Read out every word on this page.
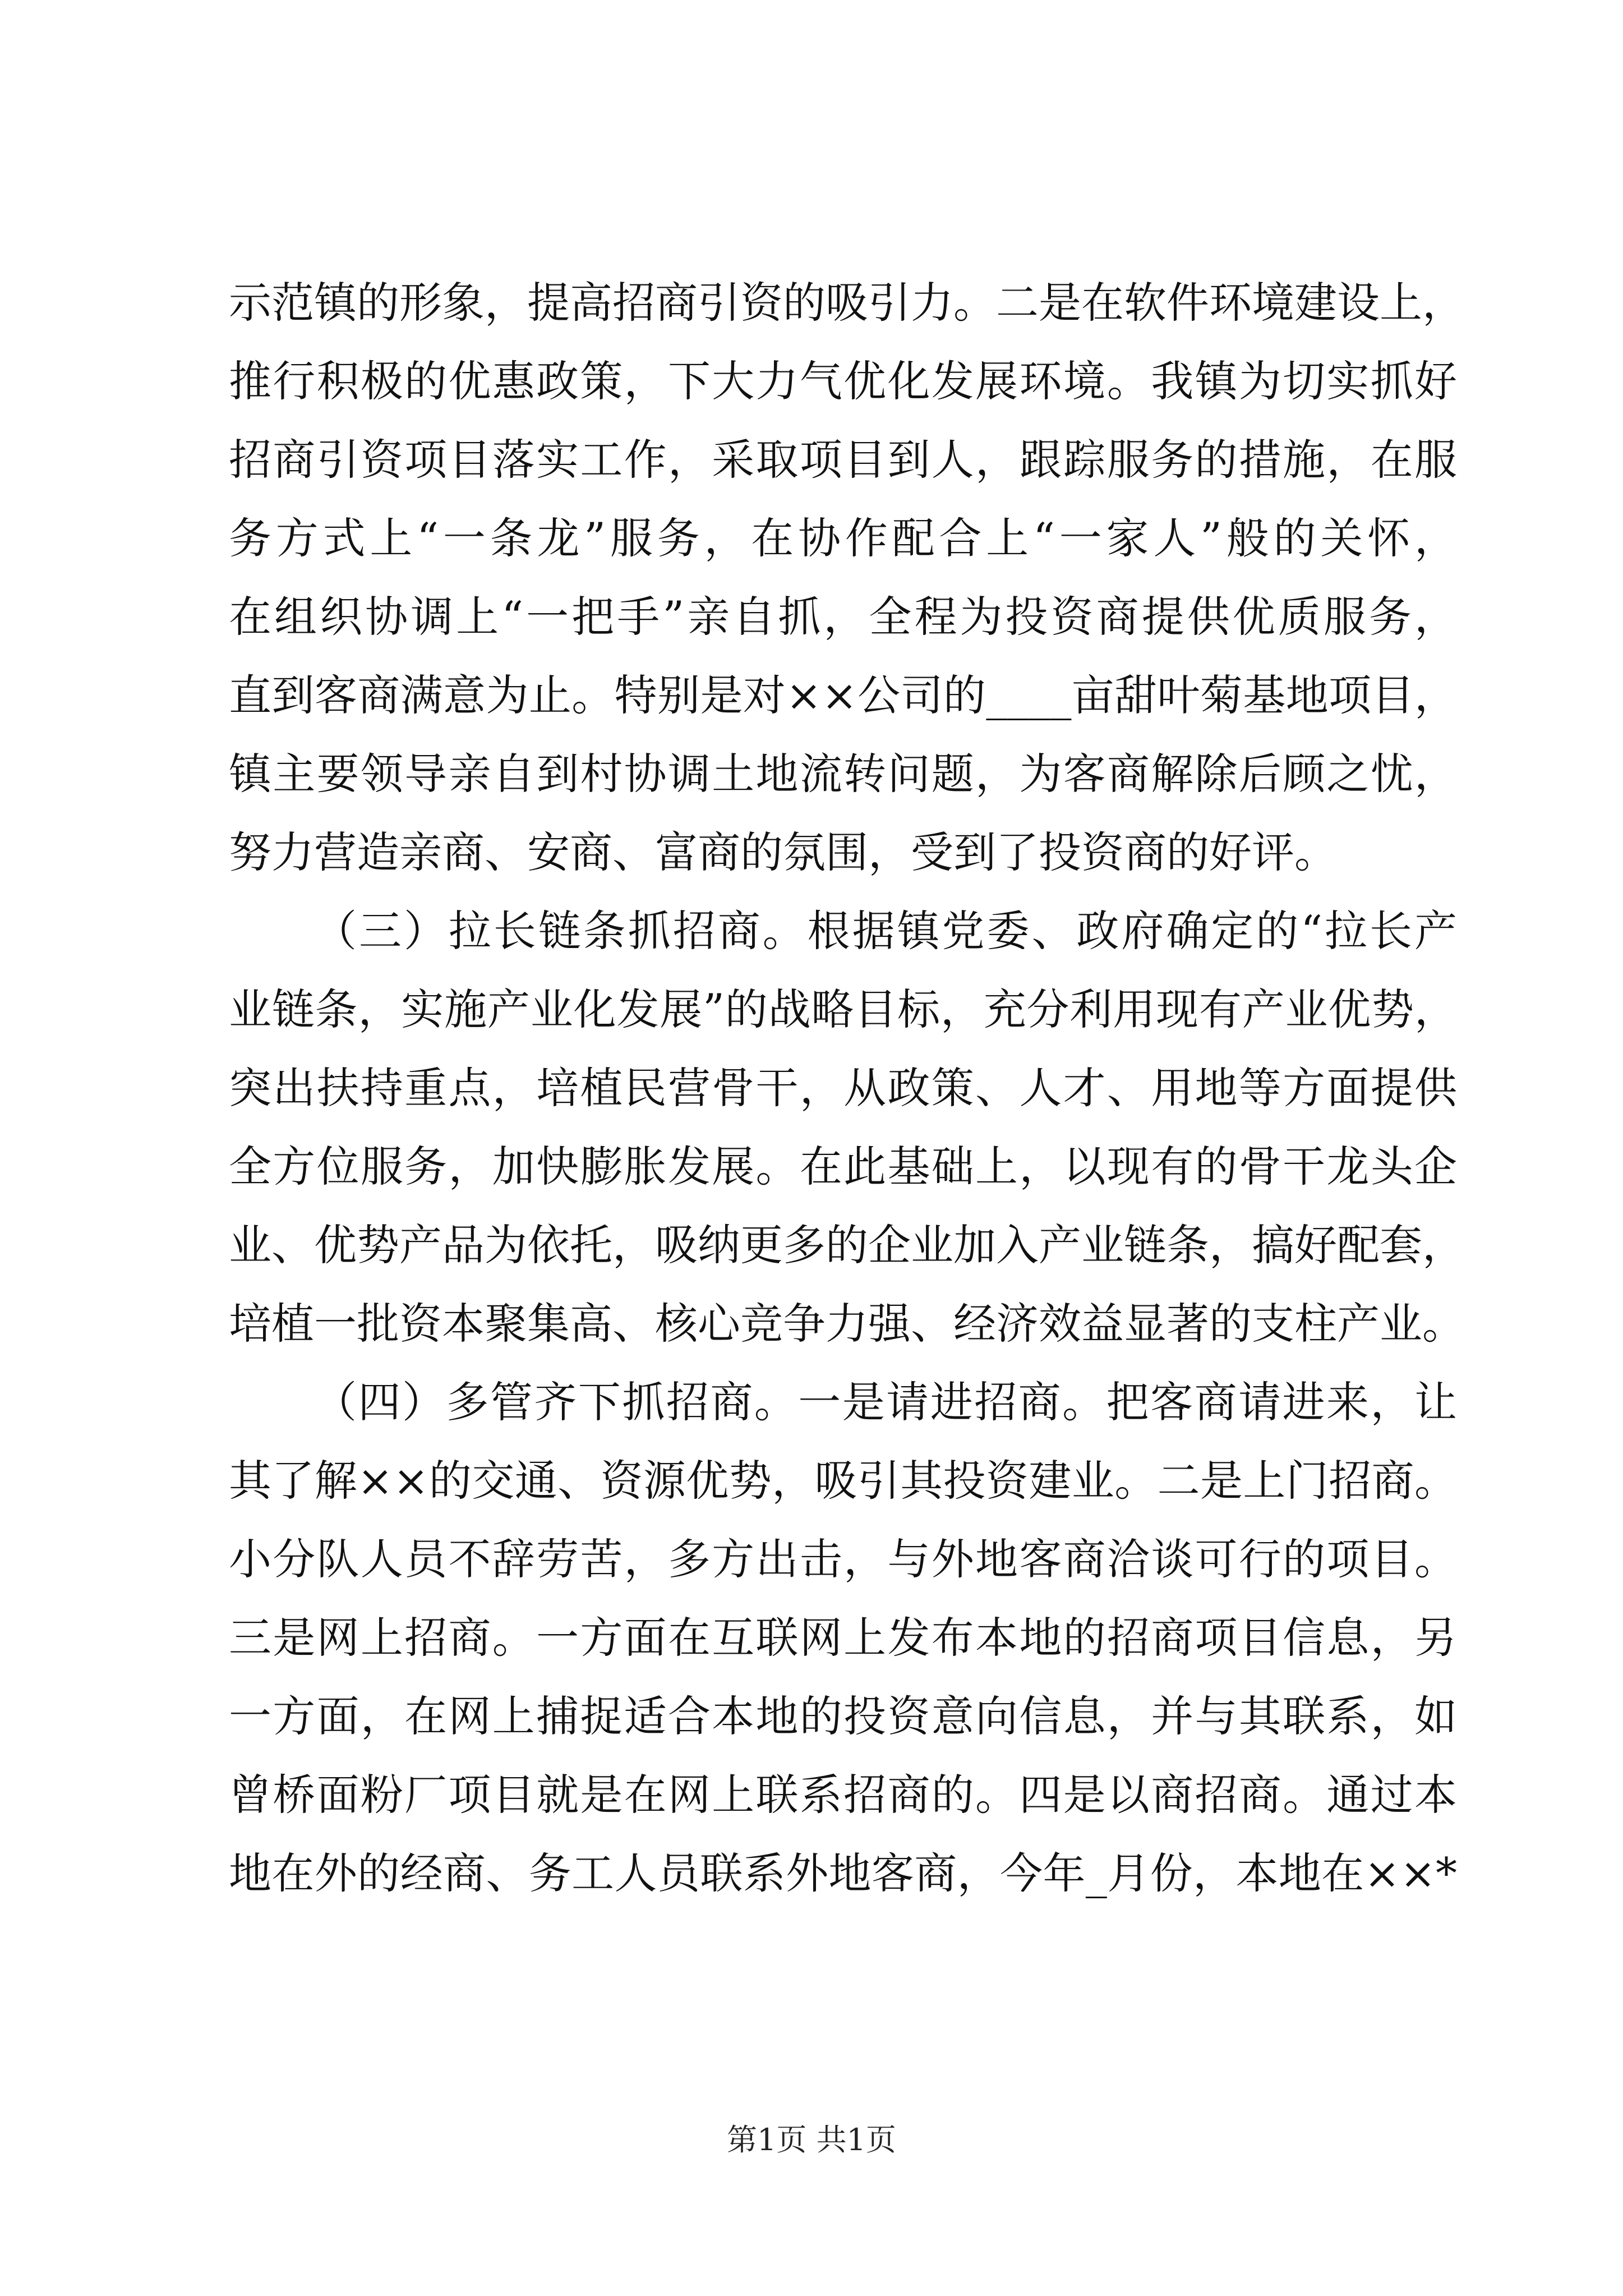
示范镇的形象，提高招商引资的吸引力。二是在软件环境建设上，
推行积极的优惠政策，下大力气优化发展环境。我镇为切实抓好
招商引资项目落实工作，采取项目到人，跟踪服务的措施，在服
务方式上“一条龙”服务，在协作配合上“一家人”般的关怀，
在组织协调上“一把手”亲自抓，全程为投资商提供优质服务，
直到客商满意为止。特别是对××公司的____亩甜叶菊基地项目，
镇主要领导亲自到村协调土地流转问题，为客商解除后顾之忧，
努力营造亲商、安商、富商的氛围，受到了投资商的好评。
（三）拉长链条抓招商。根据镇党委、政府确定的“拉长产
业链条，实施产业化发展”的战略目标，充分利用现有产业优势，
突出扶持重点，培植民营骨干，从政策、人才、用地等方面提供
全方位服务，加快膨胀发展。在此基础上，以现有的骨干龙头企
业、优势产品为依托，吸纳更多的企业加入产业链条，搞好配套，
培植一批资本聚集高、核心竞争力强、经济效益显著的支柱产业。
（四）多管齐下抓招商。一是请进招商。把客商请进来，让
其了解××的交通、资源优势，吸引其投资建业。二是上门招商。
小分队人员不辞劳苦，多方出击，与外地客商洽谈可行的项目。
三是网上招商。一方面在互联网上发布本地的招商项目信息，另
一方面，在网上捕捉适合本地的投资意向信息，并与其联系，如
曾桥面粉厂项目就是在网上联系招商的。四是以商招商。通过本
地在外的经商、务工人员联系外地客商，今年_月份，本地在××*
第1页 共1页
